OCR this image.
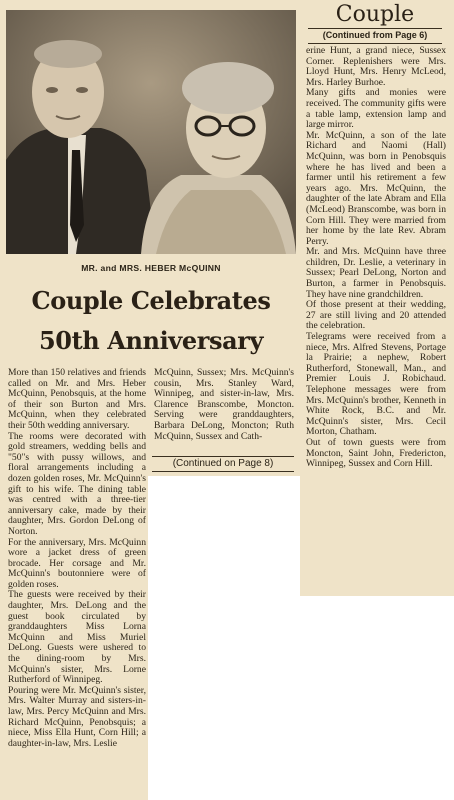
MR. and MRS. HEBER McQUINN
Couple Celebrates
50th Anniversary
More than 150 relatives and friends called on Mr. and Mrs. Heber McQuinn, Penobsquis, at the home of their son Burton and Mrs. McQuinn, when they celebrated their 50th wedding anniversary.
The rooms were decorated with gold streamers, wedding bells and "50"s with pussy willows, and floral arrangements including a dozen golden roses, Mr. McQuinn's gift to his wife. The dining table was centred with a three-tier anniversary cake, made by their daughter, Mrs. Gordon DeLong of Norton.
For the anniversary, Mrs. McQuinn wore a jacket dress of green brocade. Her corsage and Mr. McQuinn's boutonniere were of golden roses.
The guests were received by their daughter, Mrs. DeLong and the guest book circulated by granddaughters Miss Lorna McQuinn and Miss Muriel DeLong. Guests were ushered to the dining-room by Mrs. McQuinn's sister, Mrs. Lorne Rutherford of Winnipeg.
Pouring were Mr. McQuinn's sister, Mrs. Walter Murray and sisters-in-law, Mrs. Percy McQuinn and Mrs. Richard McQuinn, Penobsquis; a niece, Miss Ella Hunt, Corn Hill; a daughter-in-law, Mrs. Leslie
McQuinn, Sussex; Mrs. McQuinn's cousin, Mrs. Stanley Ward, Winnipeg, and sister-in-law, Mrs. Clarence Branscombe, Moncton. Serving were granddaughters, Barbara DeLong, Moncton; Ruth McQuinn, Sussex and Cath-
(Continued on Page 8)
Couple
(Continued from Page 6)
erine Hunt, a grand niece, Sussex Corner. Replenishers were Mrs. Lloyd Hunt, Mrs. Henry McLeod, Mrs. Harley Burhoe.
Many gifts and monies were received. The community gifts were a table lamp, extension lamp and large mirror.
Mr. McQuinn, a son of the late Richard and Naomi (Hall) McQuinn, was born in Penobsquis where he has lived and been a farmer until his retirement a few years ago. Mrs. McQuinn, the daughter of the late Abram and Ella (McLeod) Branscombe, was born in Corn Hill. They were married from her home by the late Rev. Abram Perry.
Mr. and Mrs. McQuinn have three children, Dr. Leslie, a veterinary in Sussex; Pearl DeLong, Norton and Burton, a farmer in Penobsquis. They have nine grandchildren.
Of those present at their wedding, 27 are still living and 20 attended the celebration.
Telegrams were received from a niece, Mrs. Alfred Stevens, Portage la Prairie; a nephew, Robert Rutherford, Stonewall, Man., and Premier Louis J. Robichaud. Telephone messages were from Mrs. McQuinn's brother, Kenneth in White Rock, B.C. and Mr. McQuinn's sister, Mrs. Cecil Morton, Chatham.
Out of town guests were from Moncton, Saint John, Fredericton, Winnipeg, Sussex and Corn Hill.
